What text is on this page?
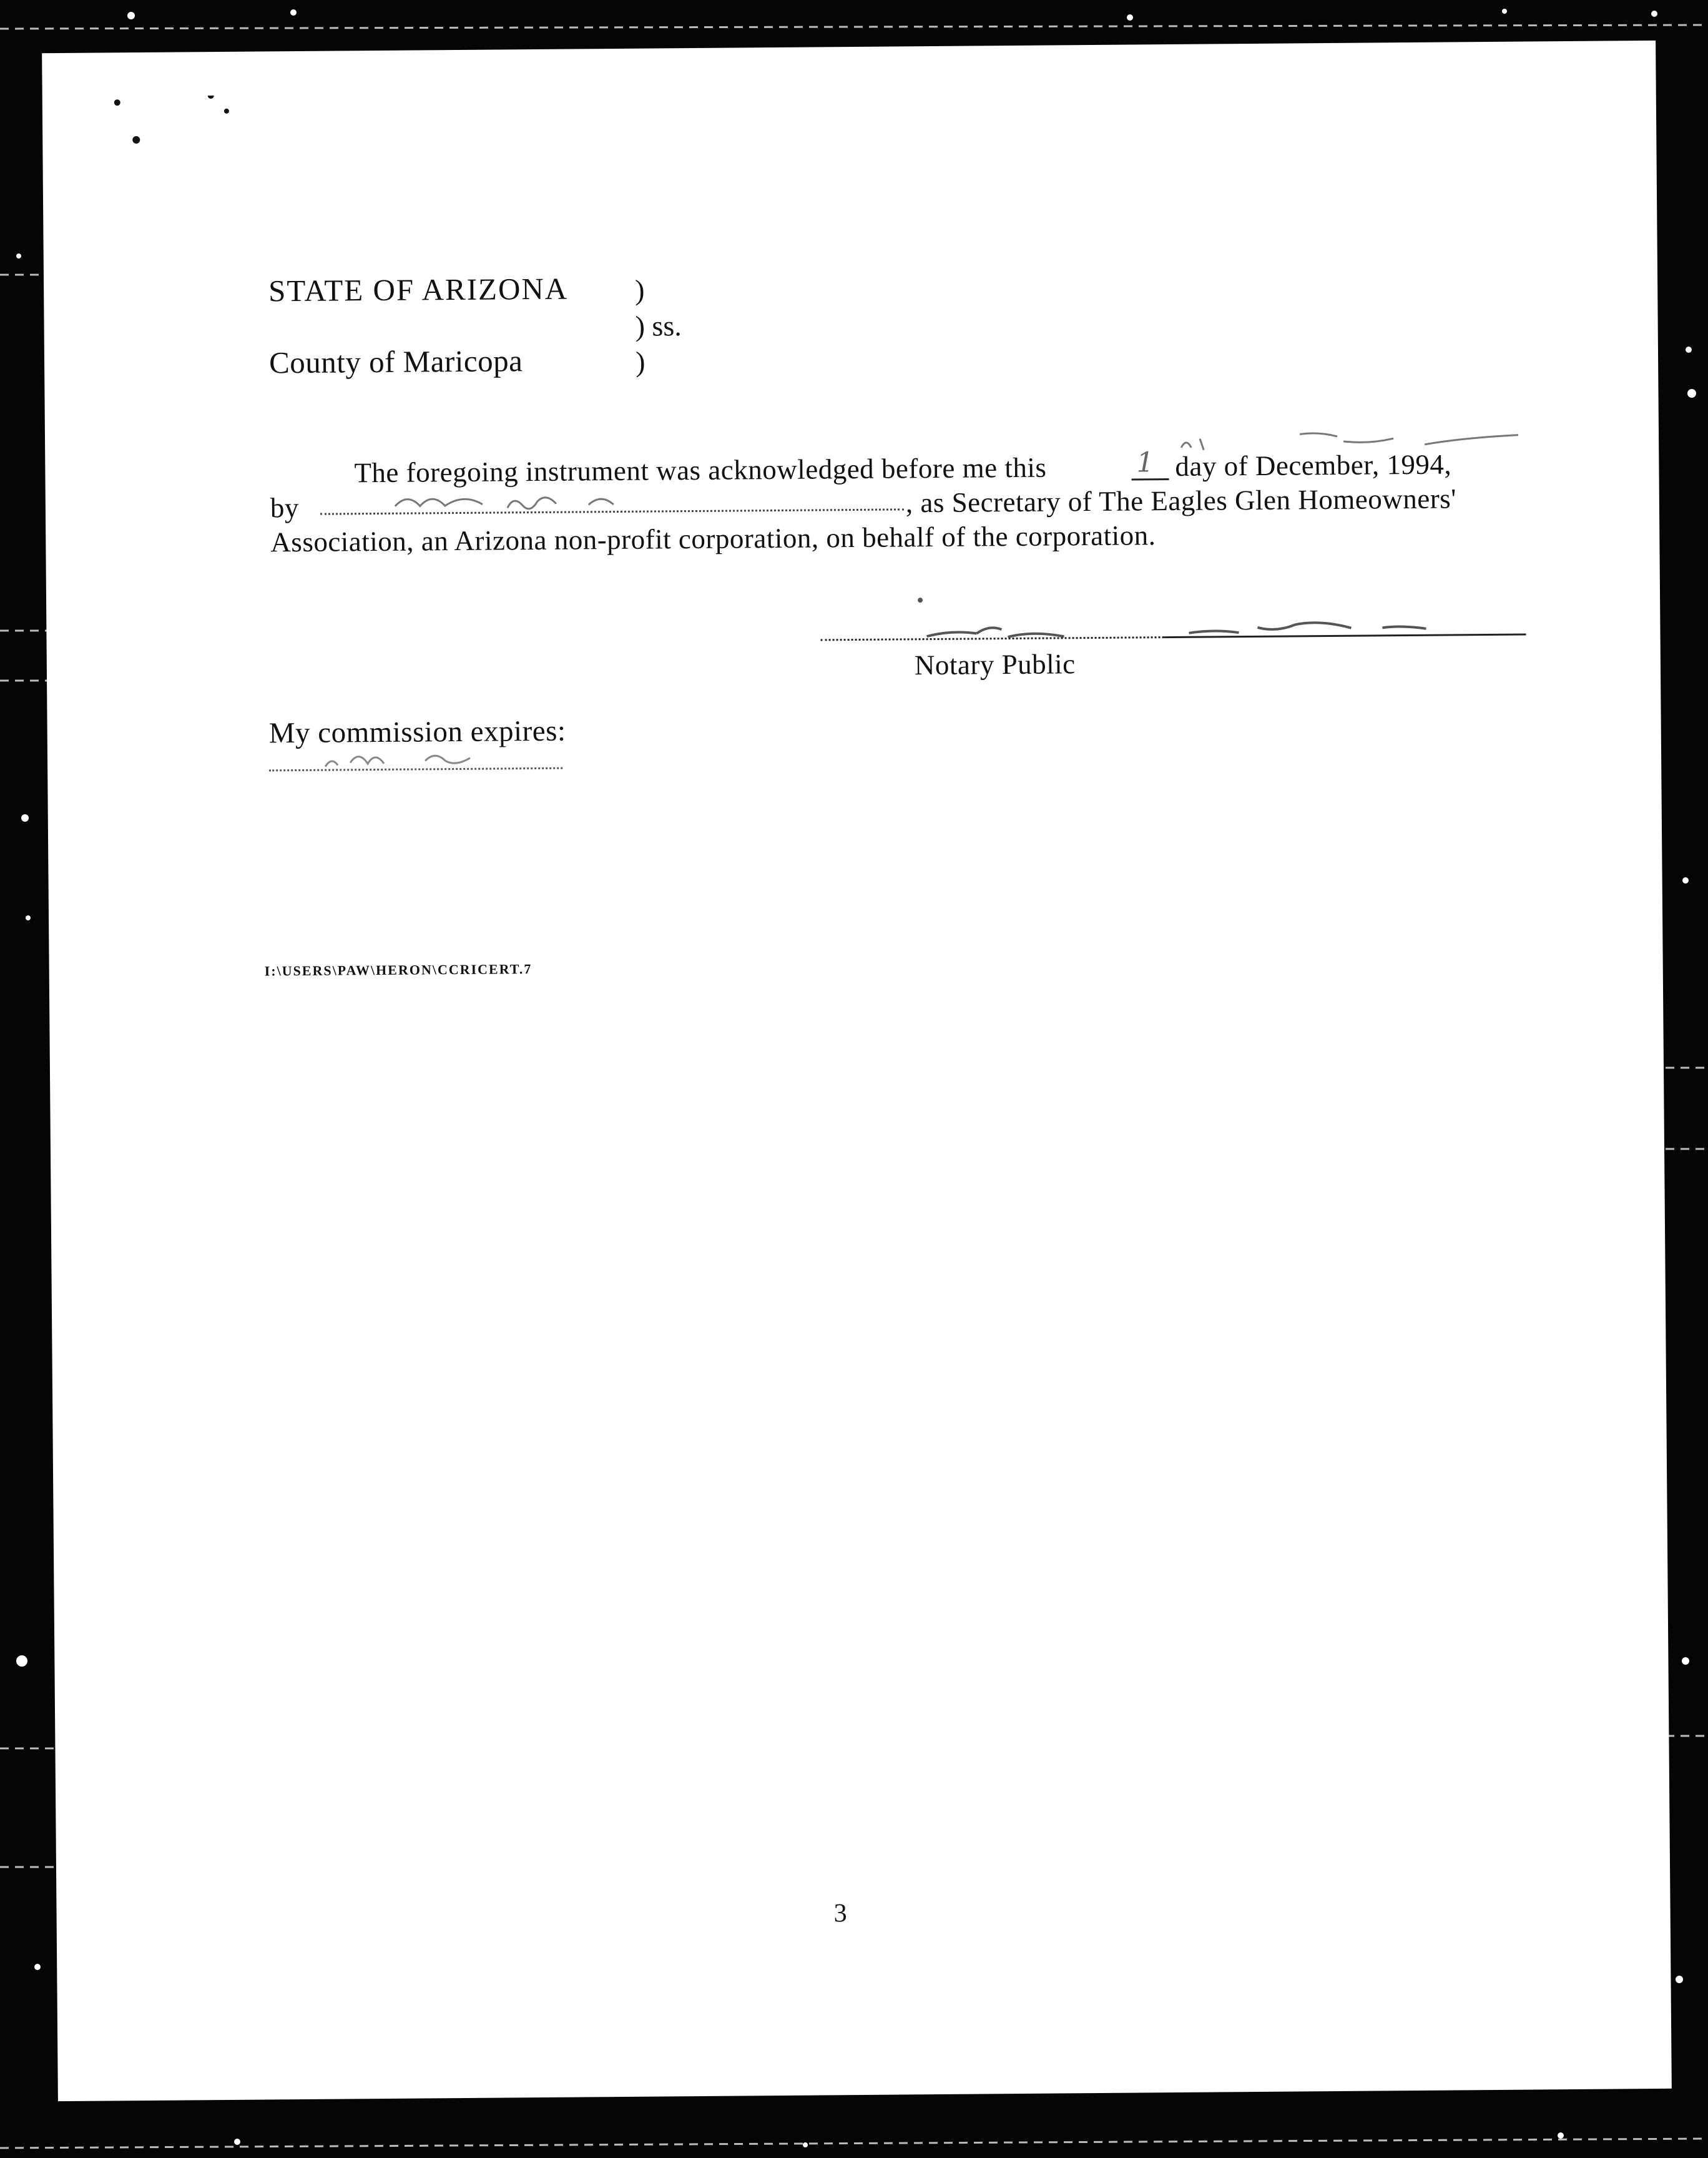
STATE OF ARIZONA )
) ss.
County of Maricopa	)
The foregoing instrument was acknowledged before me this	1 day of December, 1994,
by	, as Secretary of The Eagles Glen Homeowners'
Association, an Arizona non-profit corporation, on behalf of the corporation.
Notary Public
My commission expires:
I:\USERS\PAW\HERON\CCRICERT.7
3
